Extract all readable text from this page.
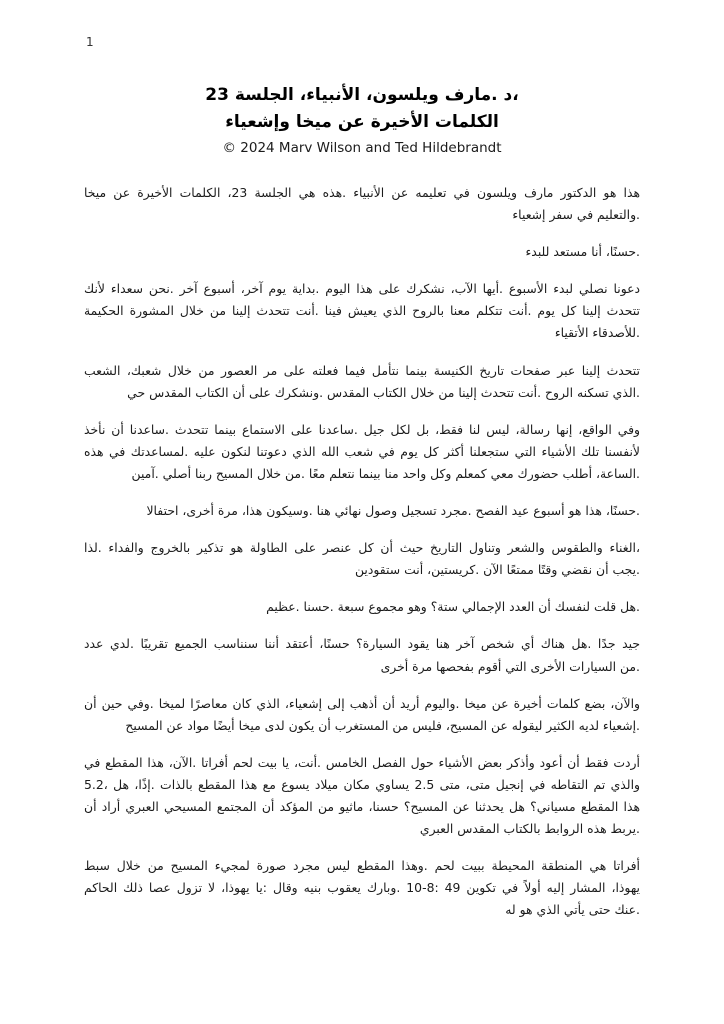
1
،د .مارف ويلسون، الأنبياء، الجلسة 23
الكلمات الأخيرة عن ميخا وإشعياء
© 2024 Marv Wilson and Ted Hildebrandt
هذا هو الدكتور مارف ويلسون في تعليمه عن الأنبياء .هذه هي الجلسة 23، الكلمات الأخيرة عن ميخا
.والتعليم في سفر إشعياء
.حسنًا، أنا مستعد للبدء
دعونا نصلي لبدء الأسبوع .أيها الآب، نشكرك على هذا اليوم .بداية يوم آخر، أسبوع آخر .نحن سعداء لأنك
تتحدث إلينا كل يوم .أنت تتكلم معنا بالروح الذي يعيش فينا .أنت تتحدث إلينا من خلال المشورة الحكيمة
.للأصدقاء الأتقياء
تتحدث إلينا عبر صفحات تاريخ الكنيسة بينما نتأمل فيما فعلته على مر العصور من خلال شعبك، الشعب
.الذي تسكنه الروح .أنت تتحدث إلينا من خلال الكتاب المقدس .ونشكرك على أن الكتاب المقدس حي
وفي الواقع، إنها رسالة، ليس لنا فقط، بل لكل جيل .ساعدنا على الاستماع بينما تتحدث .ساعدنا أن نأخذ
لأنفسنا تلك الأشياء التي ستجعلنا أكثر كل يوم في شعب الله الذي دعوتنا لنكون عليه .لمساعدتك في هذه
.الساعة، أطلب حضورك معي كمعلم وكل واحد منا بينما نتعلم معًا .من خلال المسيح ربنا أصلي .آمين
.حسنًا، هذا هو أسبوع عيد الفصح .مجرد تسجيل وصول نهائي هنا .وسيكون هذا، مرة أخرى، احتفالا
،الغناء والطقوس والشعر وتناول التاريخ حيث أن كل عنصر على الطاولة هو تذكير بالخروج والفداء .لذا
.يجب أن نقضي وقتًا ممتعًا الآن .كريستين، أنت ستقودين
.هل قلت لنفسك أن العدد الإجمالي ستة؟ وهو مجموع سبعة .حسنا .عظيم
جيد جدًا .هل هناك أي شخص آخر هنا يقود السيارة؟ حسنًا، أعتقد أننا سنناسب الجميع تقريبًا .لدي عدد
.من السيارات الأخرى التي أقوم بفحصها مرة أخرى
والآن، بضع كلمات أخيرة عن ميخا .واليوم أريد أن أذهب إلى إشعياء، الذي كان معاصرًا لميخا .وفي حين أن
.إشعياء لديه الكثير ليقوله عن المسيح، فليس من المستغرب أن يكون لدى ميخا أيضًا مواد عن المسيح
أردت فقط أن أعود وأذكر بعض الأشياء حول الفصل الخامس .أنت، يا بيت لحم أفراتا .الآن، هذا المقطع في
والذي تم التقاطه في إنجيل متى، متى 2.5 يساوي مكان ميلاد يسوع مع هذا المقطع بالذات .إذًا، هل ،5.2
هذا المقطع مسياني؟ هل يحدثنا عن المسيح؟ حسنا، ماثيو من المؤكد أن المجتمع المسيحي العبري أراد أن
.يربط هذه الروابط بالكتاب المقدس العبري
أفراتا هي المنطقة المحيطة ببيت لحم .وهذا المقطع ليس مجرد صورة لمجيء المسيح من خلال سبط
يهوذا، المشار إليه أولاً في تكوين 49 :8-10 .وبارك يعقوب بنيه وقال :يا يهوذا، لا تزول عصا ذلك الحاكم
.عنك حتى يأتي الذي هو له
